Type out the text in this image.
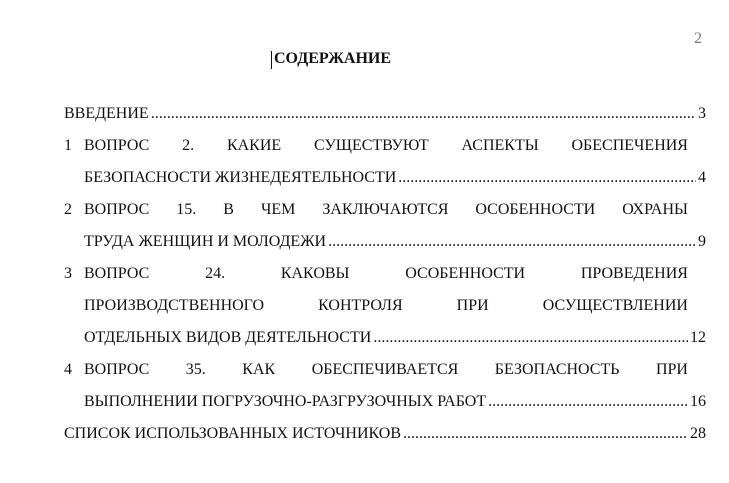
2
СОДЕРЖАНИЕ
ВВЕДЕНИЕ .....	3
1 ВОПРОС 2. КАКИЕ СУЩЕСТВУЮТ АСПЕКТЫ ОБЕСПЕЧЕНИЯ
БЕЗОПАСНОСТИ ЖИЗНЕДЕЯТЕЛЬНОСТИ .....	4
2 ВОПРОС 15. В ЧЕМ ЗАКЛЮЧАЮТСЯ ОСОБЕННОСТИ ОХРАНЫ
ТРУДА ЖЕНЩИН И МОЛОДЕЖИ .....	9
3 ВОПРОС	24.	КАКОВЫ	ОСОБЕННОСТИ	ПРОВЕДЕНИЯ
ПРОИЗВОДСТВЕННОГО	КОНТРОЛЯ	ПРИ	ОСУЩЕСТВЛЕНИИ
ОТДЕЛЬНЫХ ВИДОВ ДЕЯТЕЛЬНОСТИ .....	12
4 ВОПРОС 35. КАК ОБЕСПЕЧИВАЕТСЯ БЕЗОПАСНОСТЬ ПРИ
ВЫПОЛНЕНИИ ПОГРУЗОЧНО-РАЗГРУЗОЧНЫХ РАБОТ .....	16
СПИСОК ИСПОЛЬЗОВАННЫХ ИСТОЧНИКОВ .....	28
